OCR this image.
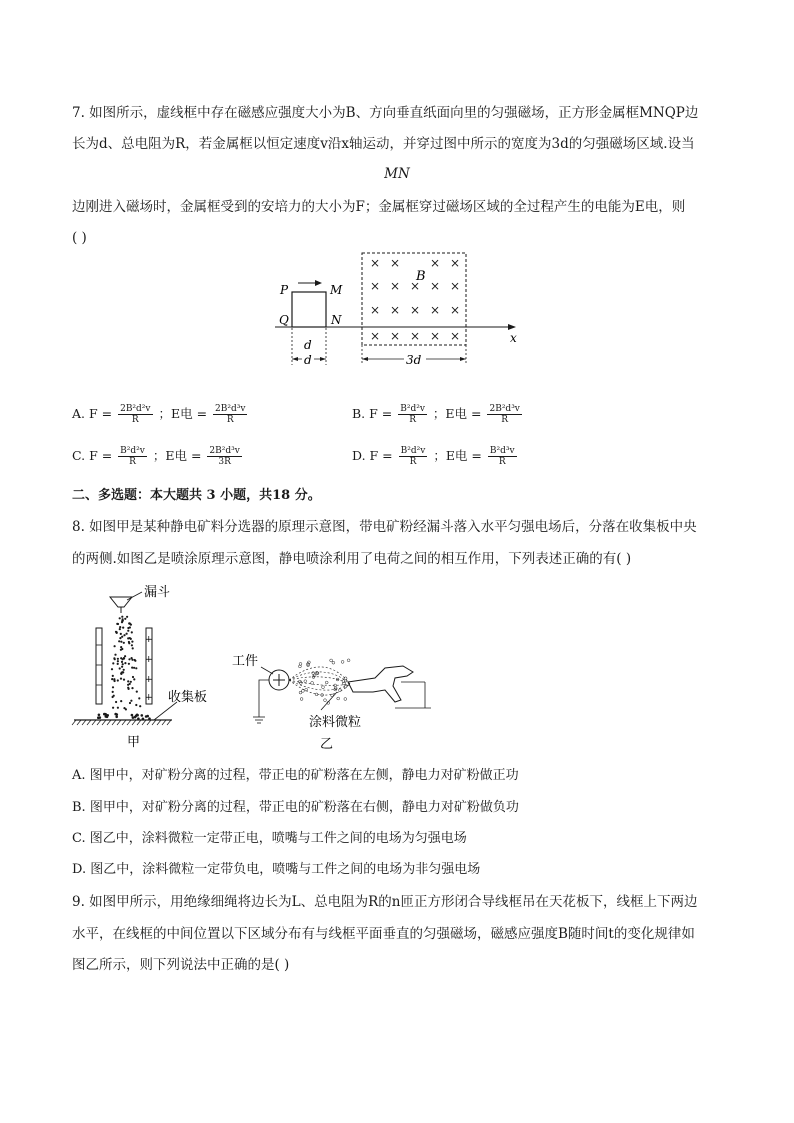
7. 如图所示，虚线框中存在磁感应强度大小为B、方向垂直纸面向里的匀强磁场，正方形金属框MNQP边
长为d、总电阻为R，若金属框以恒定速度v沿x轴运动，并穿过图中所示的宽度为3d的匀强磁场区域.设当
MN
边刚进入磁场时，金属框受到的安培力的大小为F；金属框穿过磁场区域的全过程产生的电能为E电，则
( )
x
P	M
Q	N
d
d
× × × ×
× × × × ×
× × × × ×
× × × × ×
B
3d
A. $F = \frac{\text{2B²d²v}}{R}$ ；E电 = $\frac{\text{2B²d³v}}{R}$	B. $F = \frac{\text{B²d²v}}{R}$ ；E电 = $\frac{\text{2B²d³v}}{R}$
C. $F = \frac{\text{B²d²v}}{R}$ ；E电 = $\frac{\text{2B²d³v}}{3R}$	D. $F = \frac{\text{B²d²v}}{R}$ ；E电 = $\frac{\text{B²d³v}}{R}$
二、多选题：本大题共 3 小题，共18 分。
8. 如图甲是某种静电矿料分选器的原理示意图，带电矿粉经漏斗落入水平匀强电场后，分落在收集板中央
的两侧.如图乙是喷涂原理示意图，静电喷涂利用了电荷之间的相互作用，下列表述正确的有( )
漏斗
+
+
+
+ 收集板
甲
工件
涂料微粒
乙
A. 图甲中，对矿粉分离的过程，带正电的矿粉落在左侧，静电力对矿粉做正功
B. 图甲中，对矿粉分离的过程，带正电的矿粉落在右侧，静电力对矿粉做负功
C. 图乙中，涂料微粒一定带正电，喷嘴与工件之间的电场为匀强电场
D. 图乙中，涂料微粒一定带负电，喷嘴与工件之间的电场为非匀强电场
9. 如图甲所示，用绝缘细绳将边长为L、总电阻为R的n匝正方形闭合导线框吊在天花板下，线框上下两边
水平，在线框的中间位置以下区域分布有与线框平面垂直的匀强磁场，磁感应强度B随时间t的变化规律如
图乙所示，则下列说法中正确的是( )
